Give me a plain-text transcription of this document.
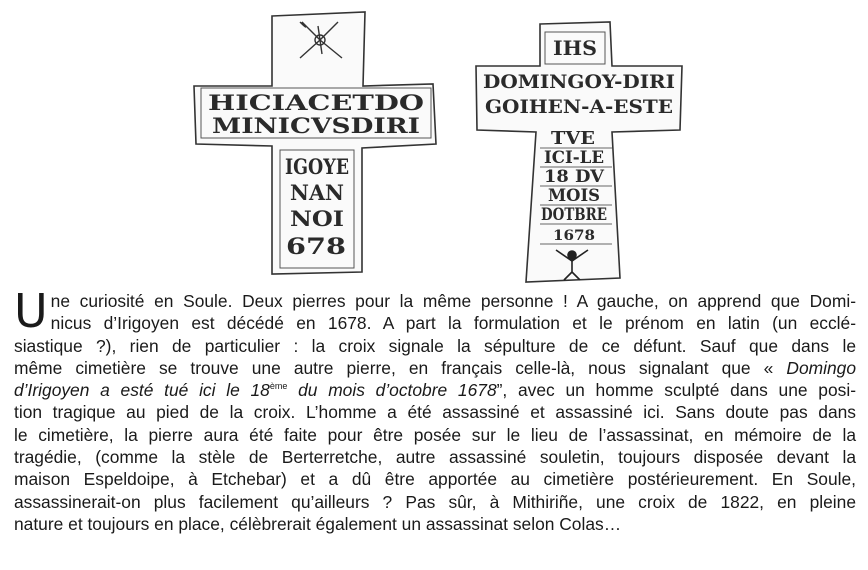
HICIACETDO
MINICVSDIRI
IGOYE
NAN
NOI
678
IHS
DOMINGOY-DIRI
GOIHEN-A-ESTE
TVE
ICI-LE
18 DV
MOIS
DOTBRE
1678
U ne curiosité en Soule. Deux pierres pour la même personne ! A gauche, on apprend que Domi-
nicus d’Irigoyen est décédé en 1678. A part la formulation et le prénom en latin (un ecclé-
siastique ?), rien de particulier : la croix signale la sépulture de ce défunt. Sauf que dans le
même cimetière se trouve une autre pierre, en français celle-là, nous signalant que « Domingo
d’Irigoyen a esté tué ici le 18ème du mois d’octobre 1678”, avec un homme sculpté dans une posi-
tion tragique au pied de la croix. L’homme a été assassiné et assassiné ici. Sans doute pas dans
le cimetière, la pierre aura été faite pour être posée sur le lieu de l’assassinat, en mémoire de la
tragédie, (comme la stèle de Berterretche, autre assassiné souletin, toujours disposée devant la
maison Espeldoipe, à Etchebar) et a dû être apportée au cimetière postérieurement. En Soule,
assassinerait-on plus facilement qu’ailleurs ? Pas sûr, à Mithiriñe, une croix de 1822, en pleine
nature et toujours en place, célèbrerait également un assassinat selon Colas…
